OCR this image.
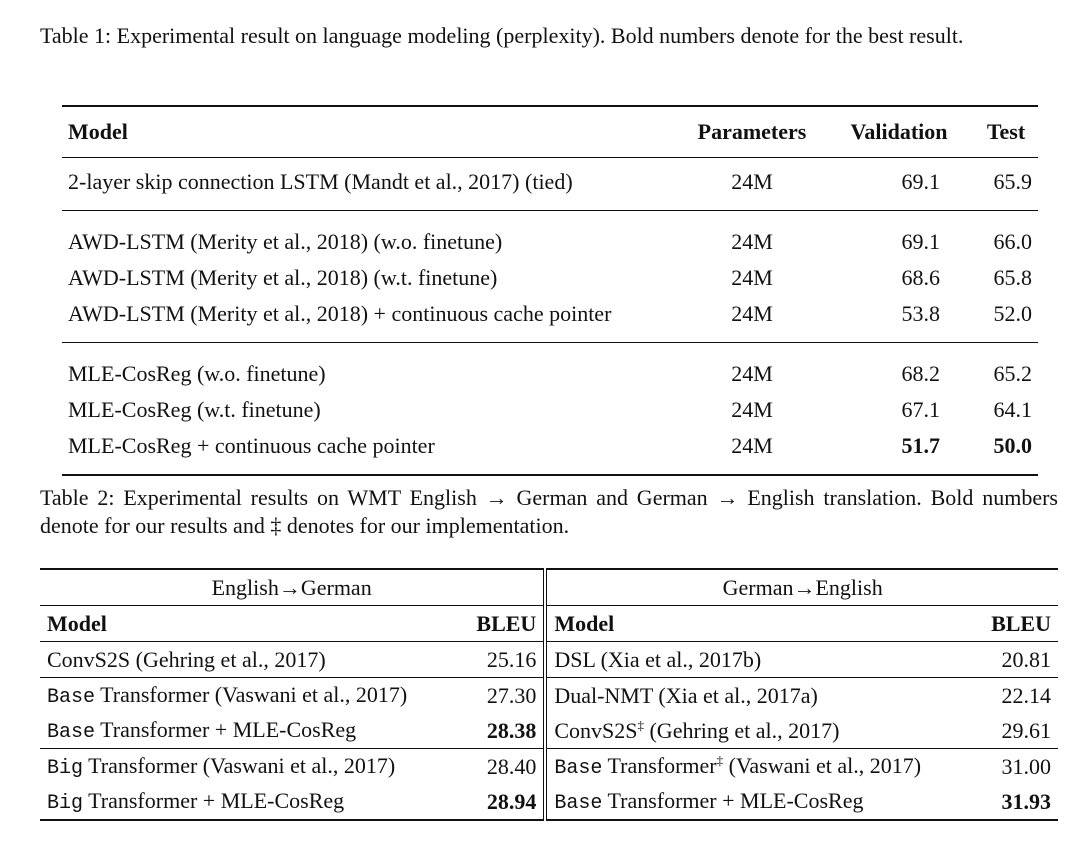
Table 1: Experimental result on language modeling (perplexity). Bold numbers denote for the best result.
Model	Parameters	Validation	Test
2-layer skip connection LSTM (Mandt et al., 2017) (tied)	24M	69.1	65.9
AWD-LSTM (Merity et al., 2018) (w.o. finetune)	24M	69.1	66.0
AWD-LSTM (Merity et al., 2018) (w.t. finetune)	24M	68.6	65.8
AWD-LSTM (Merity et al., 2018) + continuous cache pointer	24M	53.8	52.0
MLE-CosReg (w.o. finetune)	24M	68.2	65.2
MLE-CosReg (w.t. finetune)	24M	67.1	64.1
MLE-CosReg + continuous cache pointer	24M	51.7	50.0
Table 2: Experimental results on WMT English → German and German → English translation. Bold numbers denote for our results and ‡ denotes for our implementation.
English→German		German→English	
Model	BLEU	Model	BLEU
ConvS2S (Gehring et al., 2017)	25.16	DSL (Xia et al., 2017b)	20.81
Base Transformer (Vaswani et al., 2017)	27.30	Dual-NMT (Xia et al., 2017a)	22.14
Base Transformer + MLE-CosReg	28.38	ConvS2S‡ (Gehring et al., 2017)	29.61
Big Transformer (Vaswani et al., 2017)	28.40	Base Transformer‡ (Vaswani et al., 2017)	31.00
Big Transformer + MLE-CosReg	28.94	Base Transformer + MLE-CosReg	31.93
